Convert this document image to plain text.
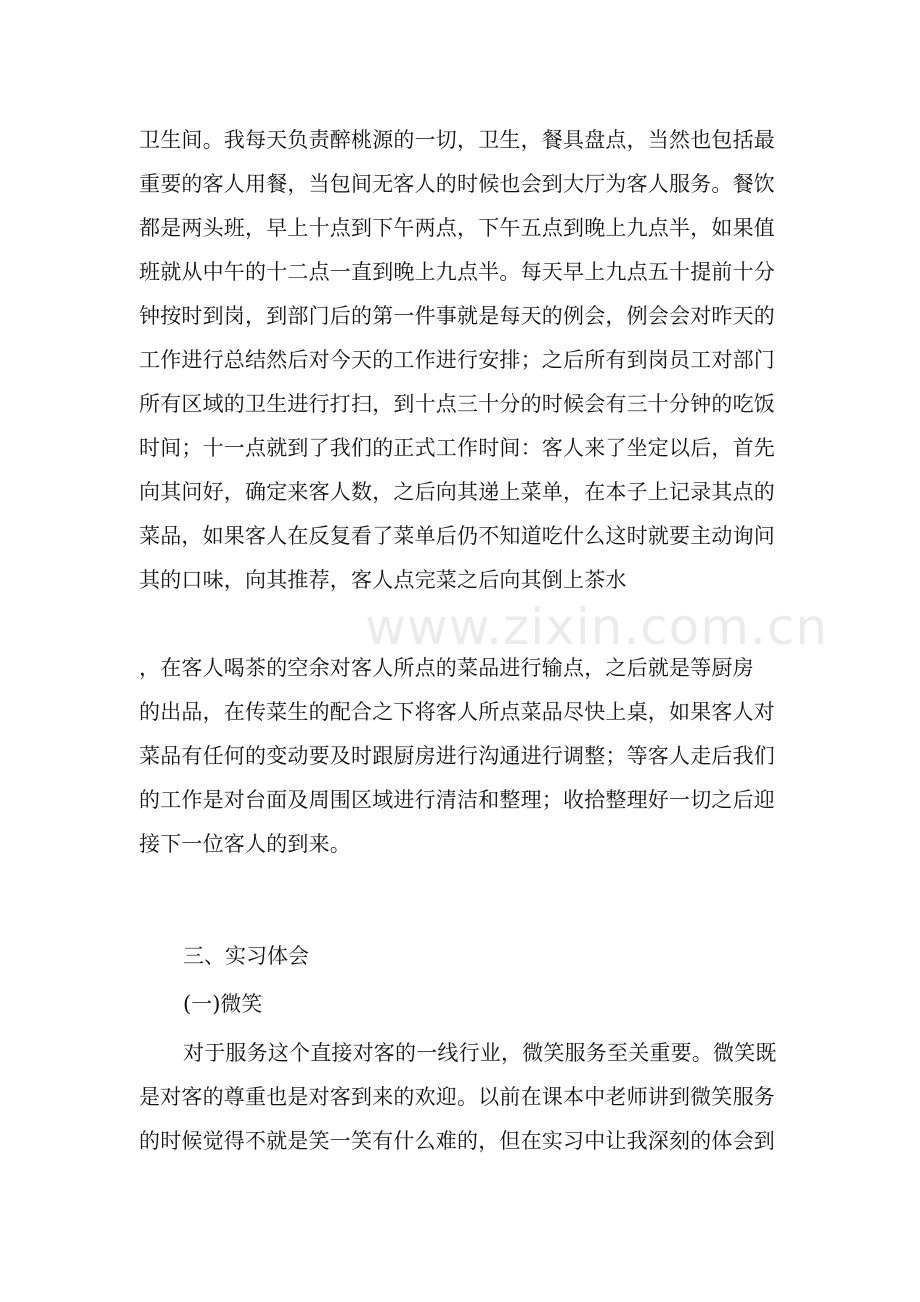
卫生间。我每天负责醉桃源的一切，卫生，餐具盘点，当然也包括最
重要的客人用餐，当包间无客人的时候也会到大厅为客人服务。餐饮
都是两头班，早上十点到下午两点，下午五点到晚上九点半，如果值
班就从中午的十二点一直到晚上九点半。每天早上九点五十提前十分
钟按时到岗，到部门后的第一件事就是每天的例会，例会会对昨天的
工作进行总结然后对今天的工作进行安排；之后所有到岗员工对部门
所有区域的卫生进行打扫，到十点三十分的时候会有三十分钟的吃饭
时间；十一点就到了我们的正式工作时间：客人来了坐定以后，首先
向其问好，确定来客人数，之后向其递上菜单，在本子上记录其点的
菜品，如果客人在反复看了菜单后仍不知道吃什么这时就要主动询问
其的口味，向其推荐，客人点完菜之后向其倒上茶水
www.zixin.com.cn
，在客人喝茶的空余对客人所点的菜品进行输点，之后就是等厨房
的出品，在传菜生的配合之下将客人所点菜品尽快上桌，如果客人对
菜品有任何的变动要及时跟厨房进行沟通进行调整；等客人走后我们
的工作是对台面及周围区域进行清洁和整理；收拾整理好一切之后迎
接下一位客人的到来。
三、实习体会
(一)微笑
对于服务这个直接对客的一线行业，微笑服务至关重要。微笑既
是对客的尊重也是对客到来的欢迎。以前在课本中老师讲到微笑服务
的时候觉得不就是笑一笑有什么难的，但在实习中让我深刻的体会到
